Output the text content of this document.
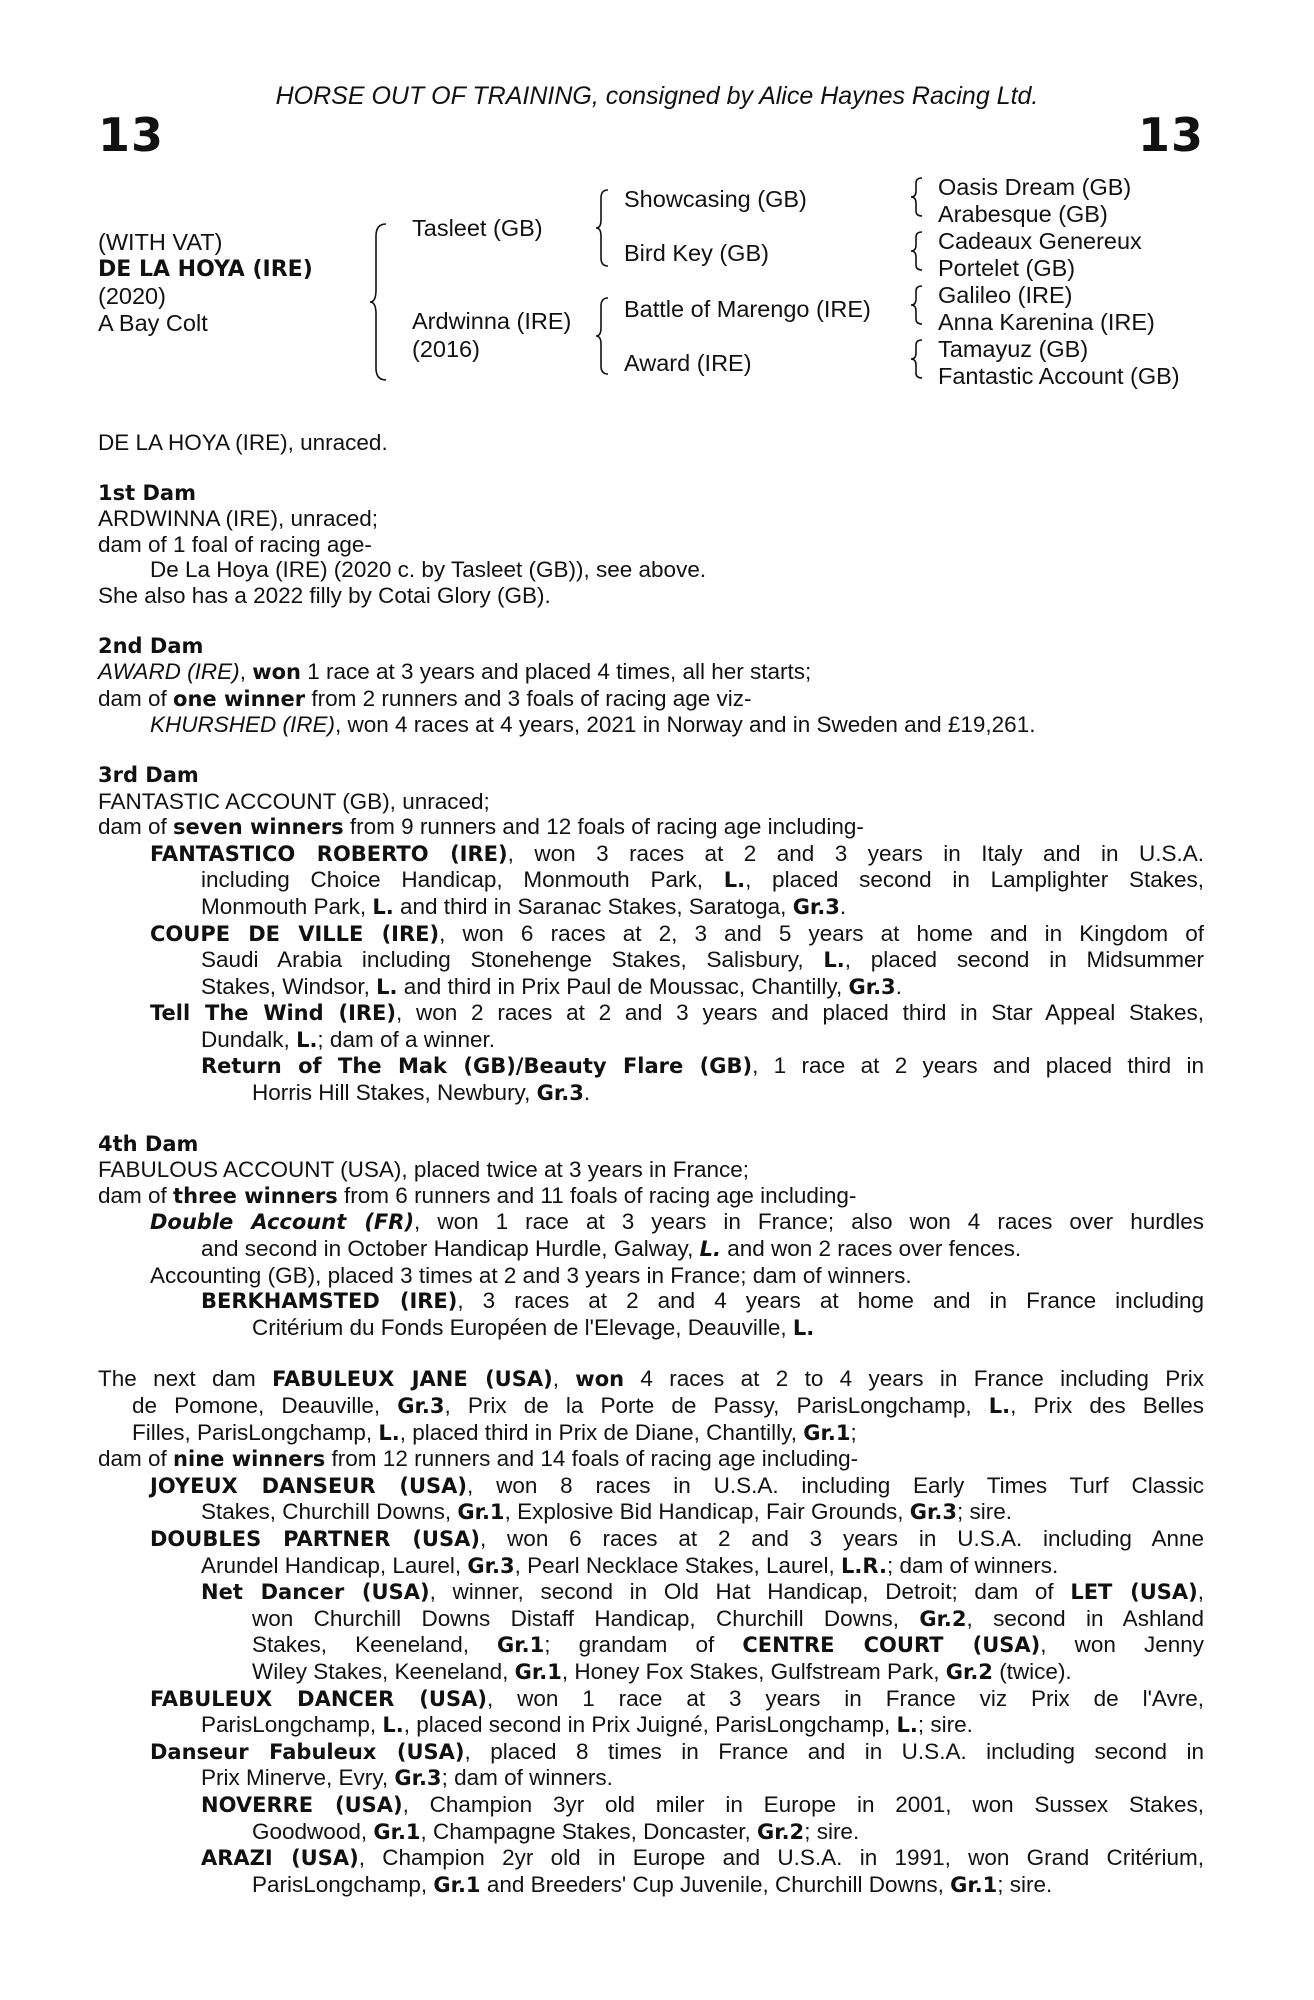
HORSE OUT OF TRAINING, consigned by Alice Haynes Racing Ltd.
13	13
(WITH VAT)
DE LA HOYA (IRE)
(2020)
A Bay Colt
Tasleet (GB)
Ardwinna (IRE)
(2016)
Showcasing (GB)
Bird Key (GB)
Battle of Marengo (IRE)
Award (IRE)
Oasis Dream (GB)
Arabesque (GB)
Cadeaux Genereux
Portelet (GB)
Galileo (IRE)
Anna Karenina (IRE)
Tamayuz (GB)
Fantastic Account (GB)
DE LA HOYA (IRE), unraced.
1st Dam
ARDWINNA (IRE), unraced;
dam of 1 foal of racing age-
De La Hoya (IRE) (2020 c. by Tasleet (GB)), see above.
She also has a 2022 filly by Cotai Glory (GB).
2nd Dam
AWARD (IRE), won 1 race at 3 years and placed 4 times, all her starts;
dam of one winner from 2 runners and 3 foals of racing age viz-
KHURSHED (IRE), won 4 races at 4 years, 2021 in Norway and in Sweden and £19,261.
3rd Dam
FANTASTIC ACCOUNT (GB), unraced;
dam of seven winners from 9 runners and 12 foals of racing age including-
FANTASTICO ROBERTO (IRE), won 3 races at 2 and 3 years in Italy and in U.S.A.
including Choice Handicap, Monmouth Park, L., placed second in Lamplighter Stakes,
Monmouth Park, L. and third in Saranac Stakes, Saratoga, Gr.3.
COUPE DE VILLE (IRE), won 6 races at 2, 3 and 5 years at home and in Kingdom of
Saudi Arabia including Stonehenge Stakes, Salisbury, L., placed second in Midsummer
Stakes, Windsor, L. and third in Prix Paul de Moussac, Chantilly, Gr.3.
Tell The Wind (IRE), won 2 races at 2 and 3 years and placed third in Star Appeal Stakes,
Dundalk, L.; dam of a winner.
Return of The Mak (GB)/Beauty Flare (GB), 1 race at 2 years and placed third in
Horris Hill Stakes, Newbury, Gr.3.
4th Dam
FABULOUS ACCOUNT (USA), placed twice at 3 years in France;
dam of three winners from 6 runners and 11 foals of racing age including-
Double Account (FR), won 1 race at 3 years in France; also won 4 races over hurdles
and second in October Handicap Hurdle, Galway, L. and won 2 races over fences.
Accounting (GB), placed 3 times at 2 and 3 years in France; dam of winners.
BERKHAMSTED (IRE), 3 races at 2 and 4 years at home and in France including
Critérium du Fonds Européen de l'Elevage, Deauville, L.
The next dam FABULEUX JANE (USA), won 4 races at 2 to 4 years in France including Prix
de Pomone, Deauville, Gr.3, Prix de la Porte de Passy, ParisLongchamp, L., Prix des Belles
Filles, ParisLongchamp, L., placed third in Prix de Diane, Chantilly, Gr.1;
dam of nine winners from 12 runners and 14 foals of racing age including-
JOYEUX DANSEUR (USA), won 8 races in U.S.A. including Early Times Turf Classic
Stakes, Churchill Downs, Gr.1, Explosive Bid Handicap, Fair Grounds, Gr.3; sire.
DOUBLES PARTNER (USA), won 6 races at 2 and 3 years in U.S.A. including Anne
Arundel Handicap, Laurel, Gr.3, Pearl Necklace Stakes, Laurel, L.R.; dam of winners.
Net Dancer (USA), winner, second in Old Hat Handicap, Detroit; dam of LET (USA),
won Churchill Downs Distaff Handicap, Churchill Downs, Gr.2, second in Ashland
Stakes, Keeneland, Gr.1; grandam of CENTRE COURT (USA), won Jenny
Wiley Stakes, Keeneland, Gr.1, Honey Fox Stakes, Gulfstream Park, Gr.2 (twice).
FABULEUX DANCER (USA), won 1 race at 3 years in France viz Prix de l'Avre,
ParisLongchamp, L., placed second in Prix Juigné, ParisLongchamp, L.; sire.
Danseur Fabuleux (USA), placed 8 times in France and in U.S.A. including second in
Prix Minerve, Evry, Gr.3; dam of winners.
NOVERRE (USA), Champion 3yr old miler in Europe in 2001, won Sussex Stakes,
Goodwood, Gr.1, Champagne Stakes, Doncaster, Gr.2; sire.
ARAZI (USA), Champion 2yr old in Europe and U.S.A. in 1991, won Grand Critérium,
ParisLongchamp, Gr.1 and Breeders' Cup Juvenile, Churchill Downs, Gr.1; sire.
